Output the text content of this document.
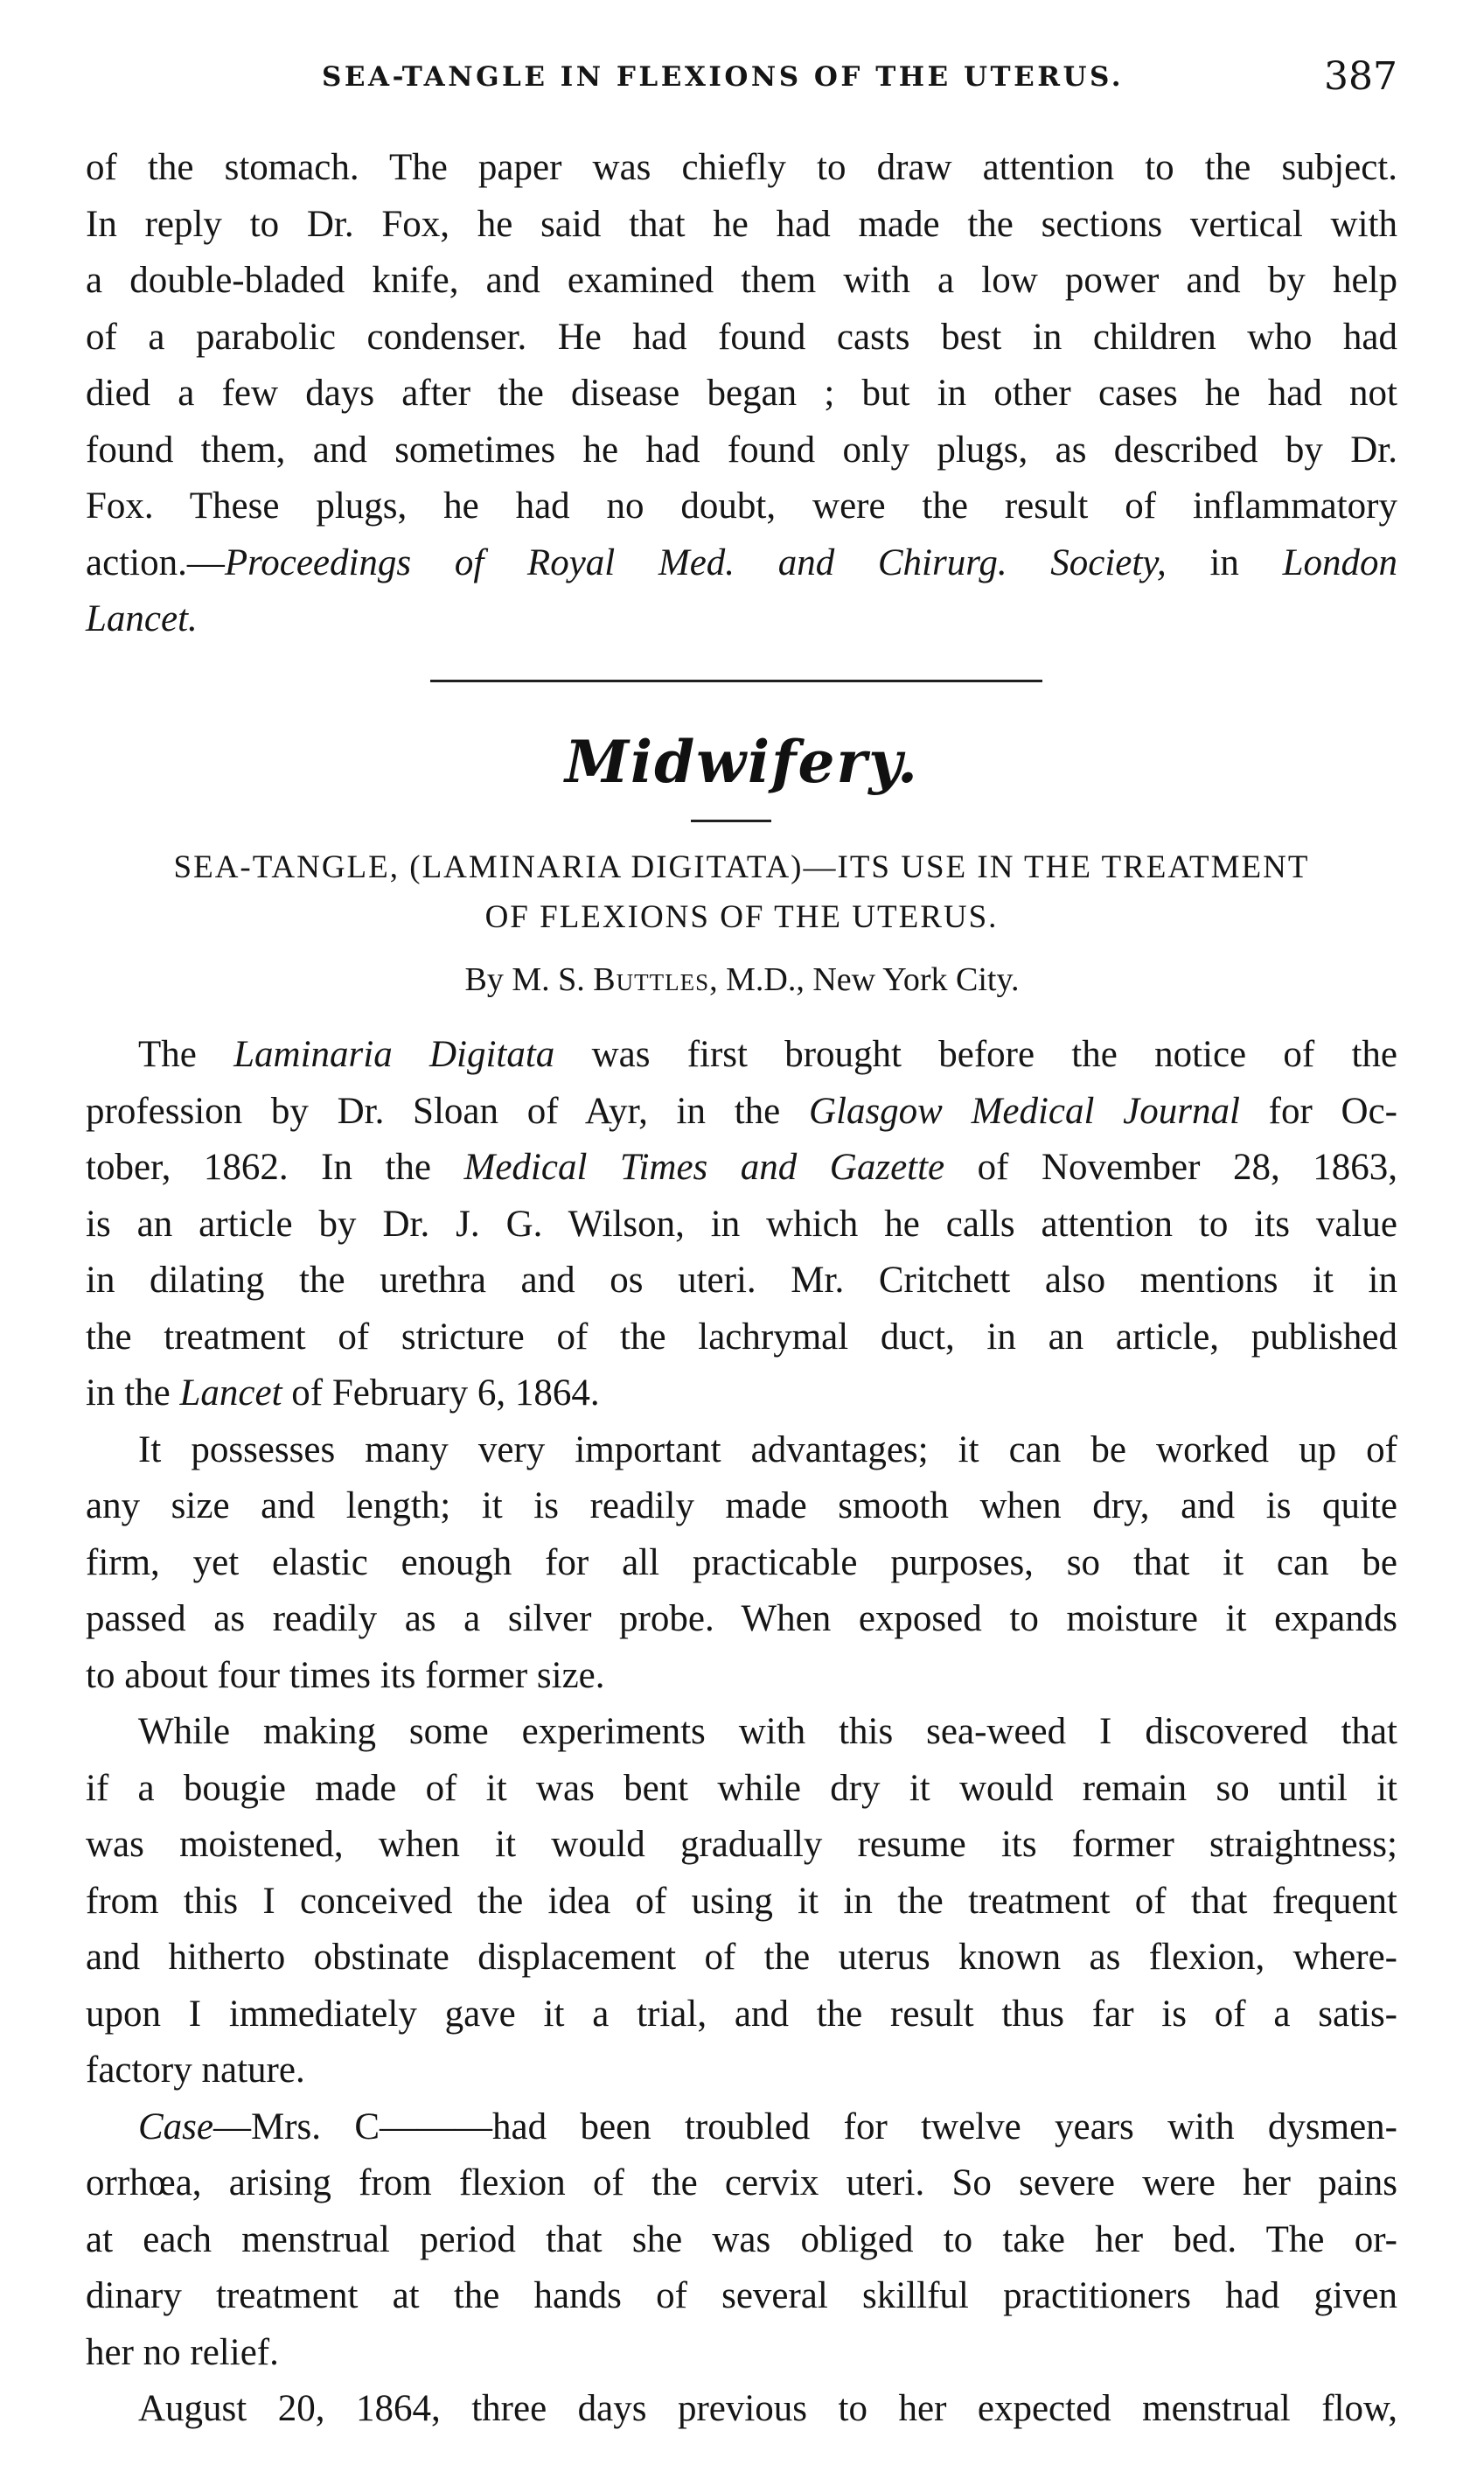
SEA-TANGLE IN FLEXIONS OF THE UTERUS.	387
of the stomach. The paper was chiefly to draw attention to the subject.
In reply to Dr. Fox, he said that he had made the sections vertical with
a double-bladed knife, and examined them with a low power and by help
of a parabolic condenser. He had found casts best in children who had
died a few days after the disease began ; but in other cases he had not
found them, and sometimes he had found only plugs, as described by Dr.
Fox. These plugs, he had no doubt, were the result of inflammatory
action.—Proceedings of Royal Med. and Chirurg. Society, in London
Lancet.
Midwifery.
SEA-TANGLE, (LAMINARIA DIGITATA)—ITS USE IN THE TREATMENT
OF FLEXIONS OF THE UTERUS.
By M. S. Buttles, M.D., New York City.
The Laminaria Digitata was first brought before the notice of the
profession by Dr. Sloan of Ayr, in the Glasgow Medical Journal for Oc-
tober, 1862. In the Medical Times and Gazette of November 28, 1863,
is an article by Dr. J. G. Wilson, in which he calls attention to its value
in dilating the urethra and os uteri. Mr. Critchett also mentions it in
the treatment of stricture of the lachrymal duct, in an article, published
in the Lancet of February 6, 1864.
It possesses many very important advantages; it can be worked up of
any size and length; it is readily made smooth when dry, and is quite
firm, yet elastic enough for all practicable purposes, so that it can be
passed as readily as a silver probe. When exposed to moisture it expands
to about four times its former size.
While making some experiments with this sea-weed I discovered that
if a bougie made of it was bent while dry it would remain so until it
was moistened, when it would gradually resume its former straightness;
from this I conceived the idea of using it in the treatment of that frequent
and hitherto obstinate displacement of the uterus known as flexion, where-
upon I immediately gave it a trial, and the result thus far is of a satis-
factory nature.
Case—Mrs. C———had been troubled for twelve years with dysmen-
orrhœa, arising from flexion of the cervix uteri. So severe were her pains
at each menstrual period that she was obliged to take her bed. The or-
dinary treatment at the hands of several skillful practitioners had given
her no relief.
August 20, 1864, three days previous to her expected menstrual flow,
